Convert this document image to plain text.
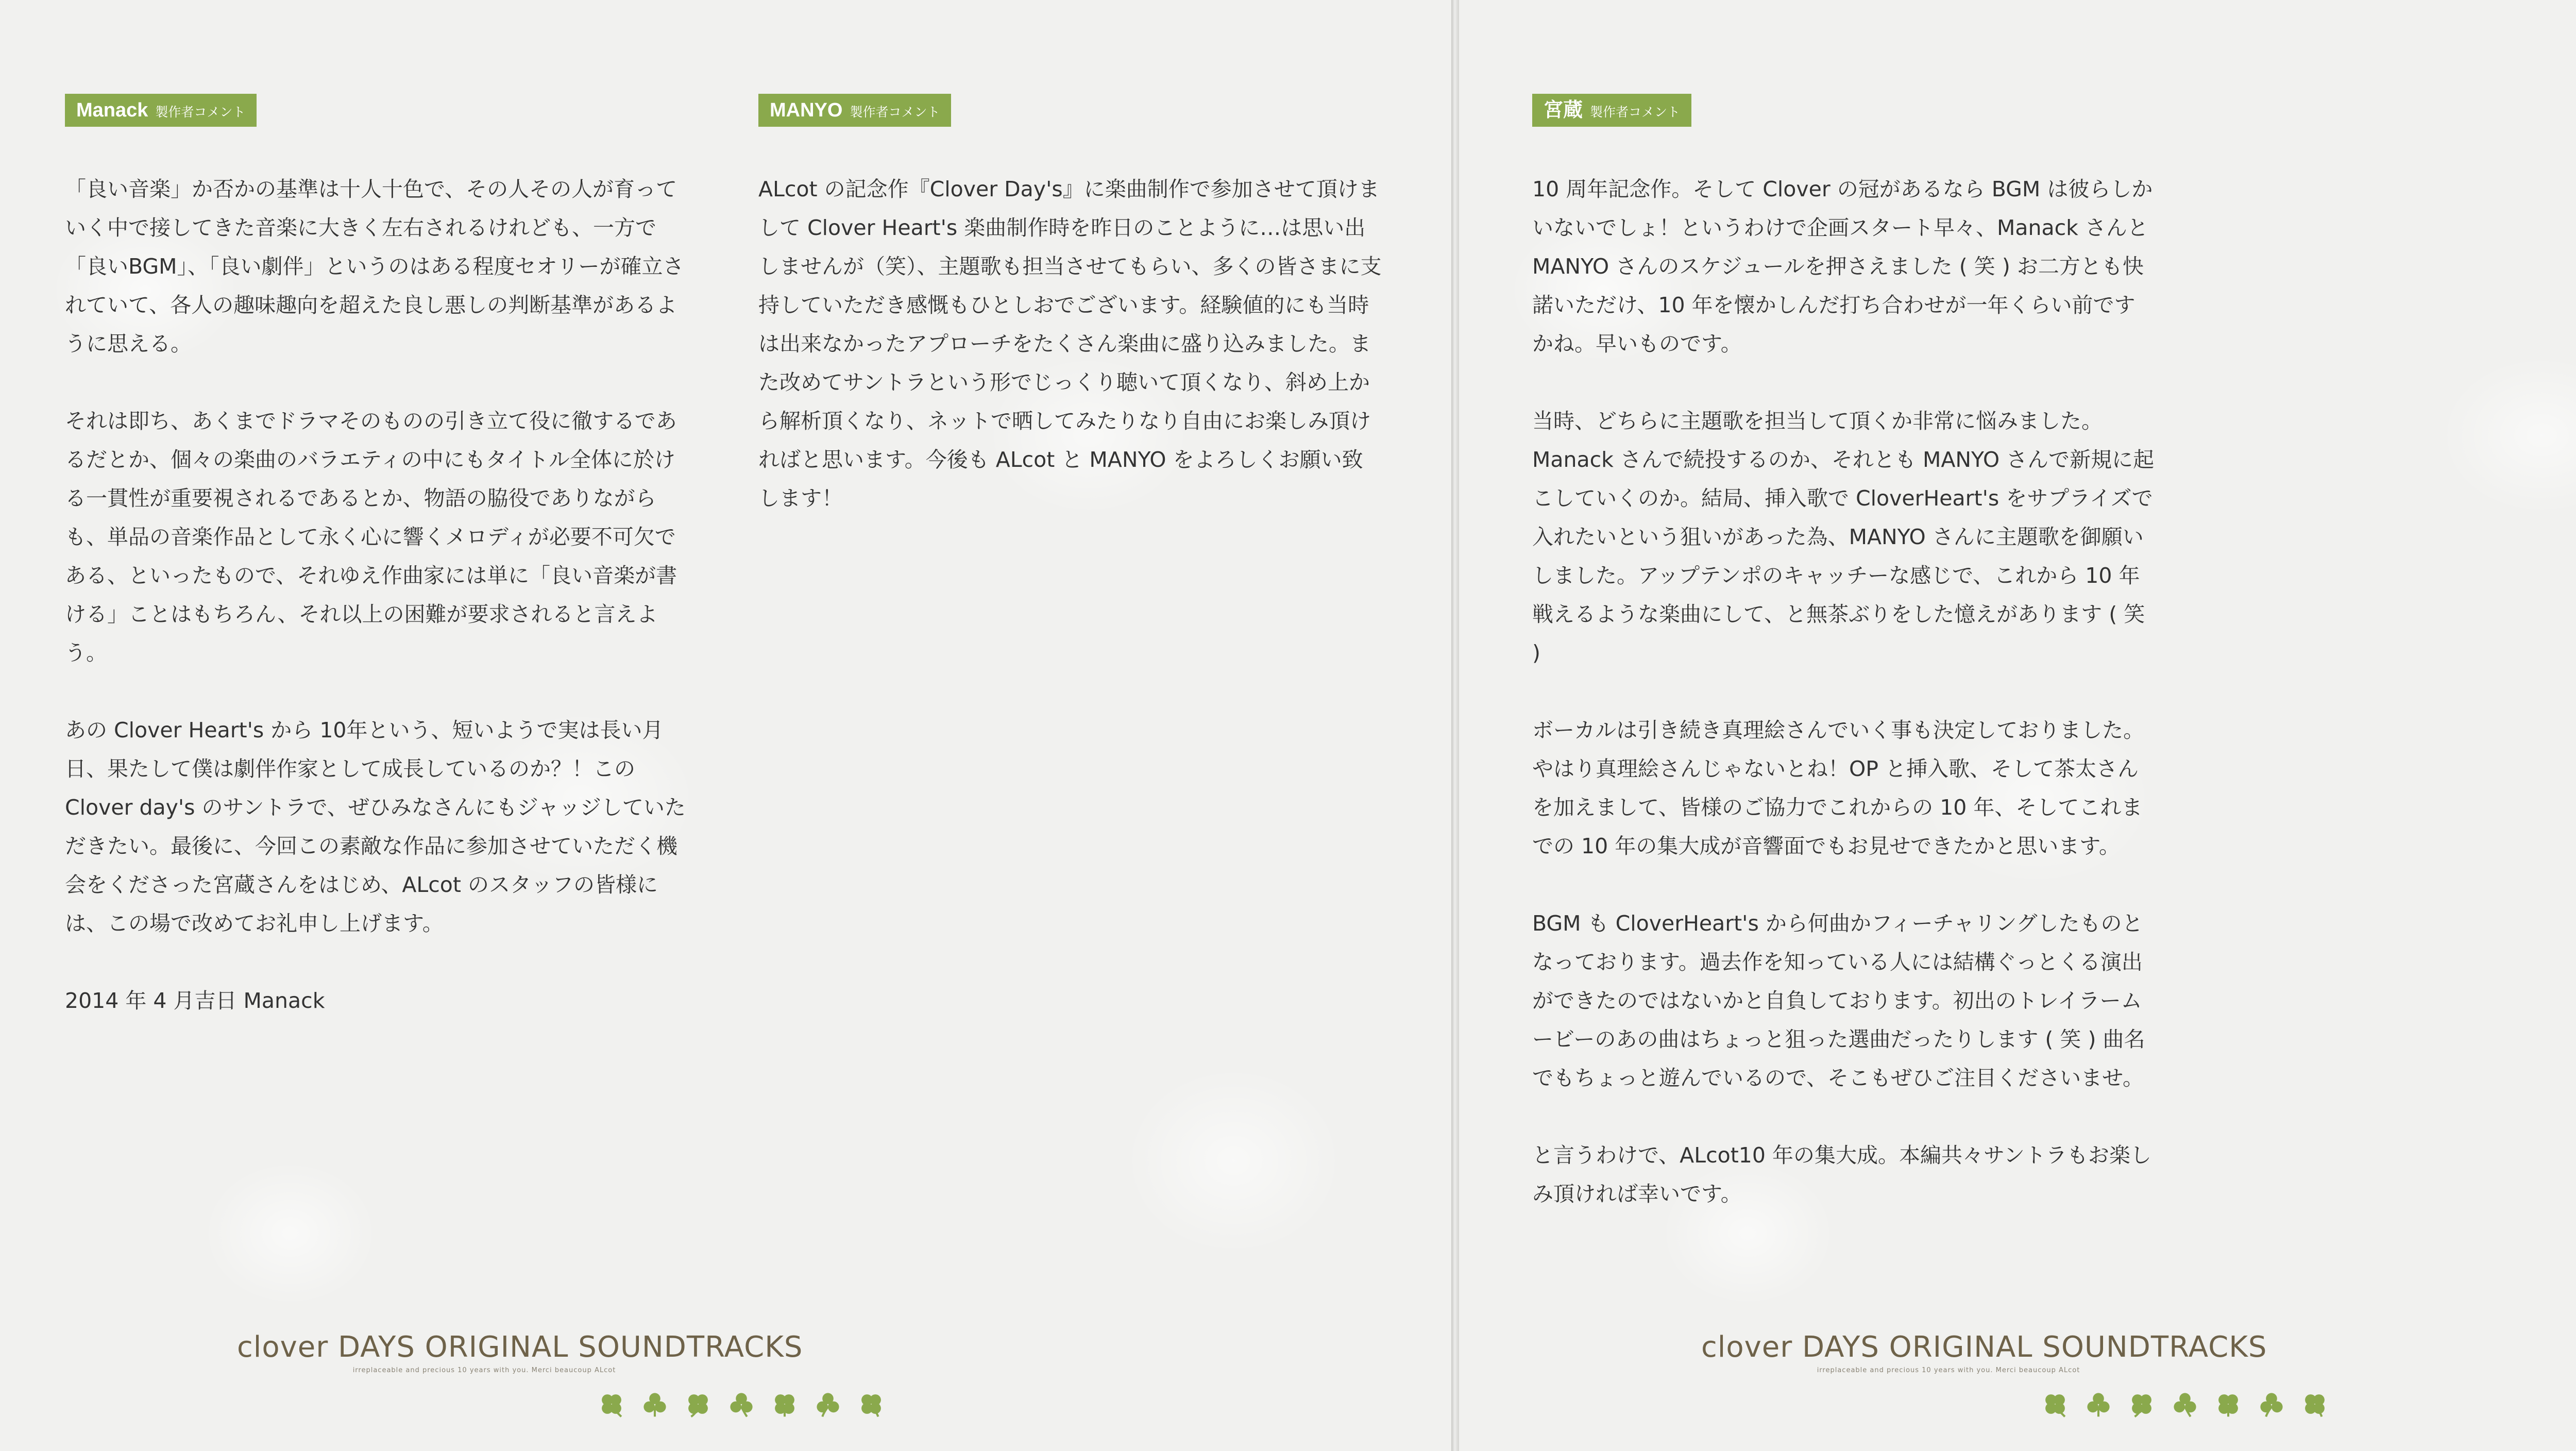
Manack 製作者コメント

「良い音楽」か否かの基準は十人十色で、その人その人が育っていく中で接してきた音楽に大きく左右されるけれども、一方で「良いBGM」、「良い劇伴」というのはある程度セオリーが確立されていて、各人の趣味趣向を超えた良し悪しの判断基準があるように思える。

それは即ち、あくまでドラマそのものの引き立て役に徹するであるだとか、個々の楽曲のバラエティの中にもタイトル全体に於ける一貫性が重要視されるであるとか、物語の脇役でありながらも、単品の音楽作品として永く心に響くメロディが必要不可欠である、といったもので、それゆえ作曲家には単に「良い音楽が書ける」ことはもちろん、それ以上の困難が要求されると言えよう。

あの Clover Heart's から 10年という、短いようで実は長い月日、果たして僕は劇伴作家として成長しているのか？！この Clover day's のサントラで、ぜひみなさんにもジャッジしていただきたい。最後に、今回この素敵な作品に参加させていただく機会をくださった宮蔵さんをはじめ、ALcot のスタッフの皆様には、この場で改めてお礼申し上げます。

2014 年 4 月吉日 Manack

MANYO 製作者コメント

ALcot の記念作『Clover Day's』に楽曲制作で参加させて頂けまして Clover Heart's 楽曲制作時を昨日のことように…は思い出しませんが（笑）、主題歌も担当させてもらい、多くの皆さまに支持していただき感慨もひとしおでございます。経験値的にも当時は出来なかったアプローチをたくさん楽曲に盛り込みました。また改めてサントラという形でじっくり聴いて頂くなり、斜め上から解析頂くなり、ネットで晒してみたりなり自由にお楽しみ頂ければと思います。今後も ALcot と MANYO をよろしくお願い致します！

clover DAYS ORIGINAL SOUNDTRACKS
irreplaceable and precious 10 years with you. Merci beaucoup ALcot
宮蔵 製作者コメント

10 周年記念作。そして Clover の冠があるなら BGM は彼らしかいないでしょ！というわけで企画スタート早々、Manack さんと MANYO さんのスケジュールを押さえました ( 笑 ) お二方とも快諾いただけ、10 年を懐かしんだ打ち合わせが一年くらい前ですかね。早いものです。

当時、どちらに主題歌を担当して頂くか非常に悩みました。Manack さんで続投するのか、それとも MANYO さんで新規に起こしていくのか。結局、挿入歌で CloverHeart's をサプライズで入れたいという狙いがあった為、MANYO さんに主題歌を御願いしました。アップテンポのキャッチーな感じで、これから 10 年戦えるような楽曲にして、と無茶ぶりをした憶えがあります ( 笑 )

ボーカルは引き続き真理絵さんでいく事も決定しておりました。やはり真理絵さんじゃないとね！OP と挿入歌、そして茶太さんを加えまして、皆様のご協力でこれからの 10 年、そしてこれまでの 10 年の集大成が音響面でもお見せできたかと思います。

BGM も CloverHeart's から何曲かフィーチャリングしたものとなっております。過去作を知っている人には結構ぐっとくる演出ができたのではないかと自負しております。初出のトレイラームービーのあの曲はちょっと狙った選曲だったりします ( 笑 ) 曲名でもちょっと遊んでいるので、そこもぜひご注目くださいませ。

と言うわけで、ALcot10 年の集大成。本編共々サントラもお楽しみ頂ければ幸いです。

clover DAYS ORIGINAL SOUNDTRACKS
irreplaceable and precious 10 years with you. Merci beaucoup ALcot
